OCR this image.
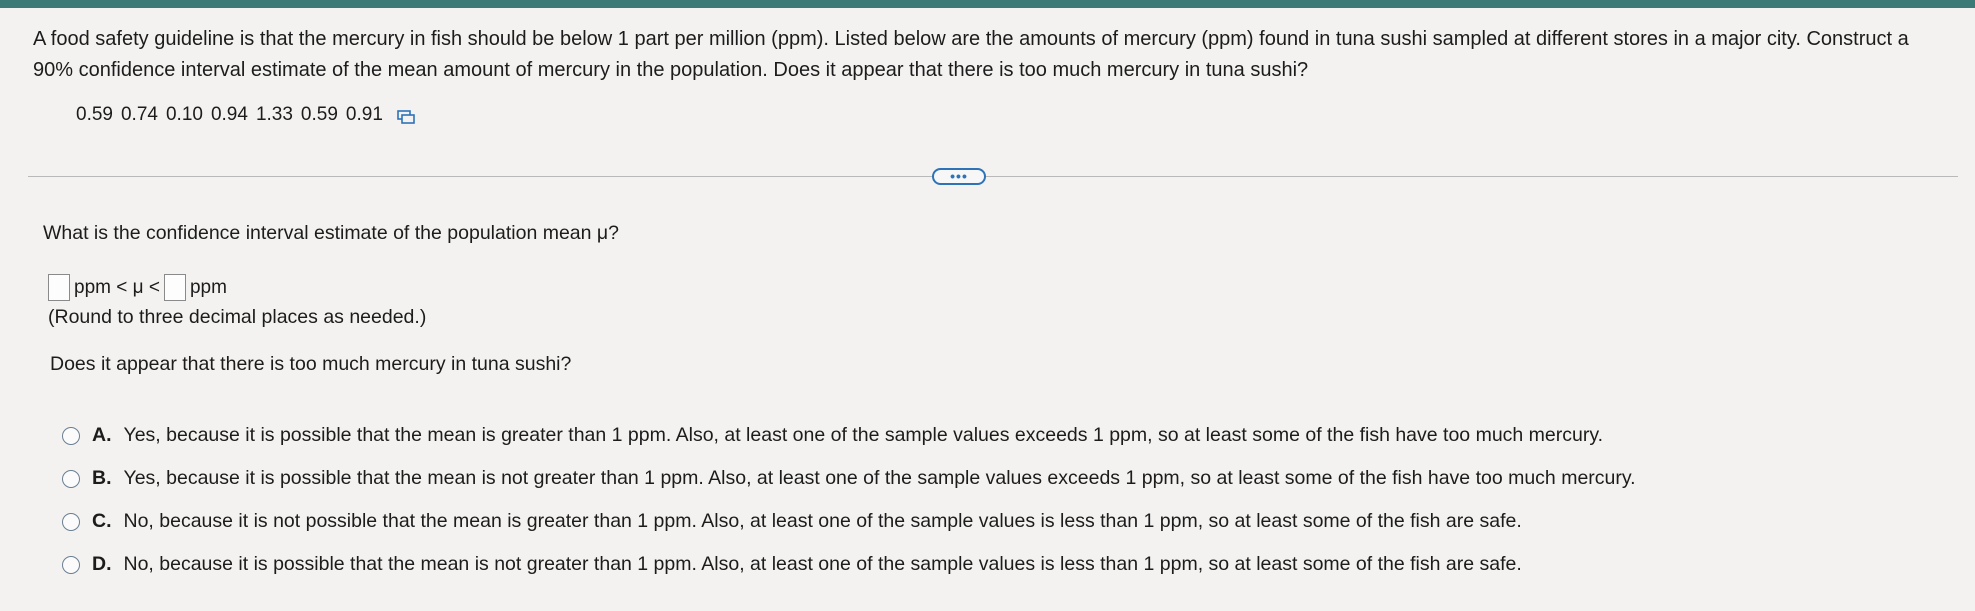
A food safety guideline is that the mercury in fish should be below 1 part per million (ppm). Listed below are the amounts of mercury (ppm) found in tuna sushi sampled at different stores in a major city. Construct a 90% confidence interval estimate of the mean amount of mercury in the population. Does it appear that there is too much mercury in tuna sushi?
0.59 0.74 0.10 0.94 1.33 0.59 0.91
•••
What is the confidence interval estimate of the population mean μ?
ppm < μ < ppm
(Round to three decimal places as needed.)
Does it appear that there is too much mercury in tuna sushi?
A. Yes, because it is possible that the mean is greater than 1 ppm. Also, at least one of the sample values exceeds 1 ppm, so at least some of the fish have too much mercury.
B. Yes, because it is possible that the mean is not greater than 1 ppm. Also, at least one of the sample values exceeds 1 ppm, so at least some of the fish have too much mercury.
C. No, because it is not possible that the mean is greater than 1 ppm. Also, at least one of the sample values is less than 1 ppm, so at least some of the fish are safe.
D. No, because it is possible that the mean is not greater than 1 ppm. Also, at least one of the sample values is less than 1 ppm, so at least some of the fish are safe.
